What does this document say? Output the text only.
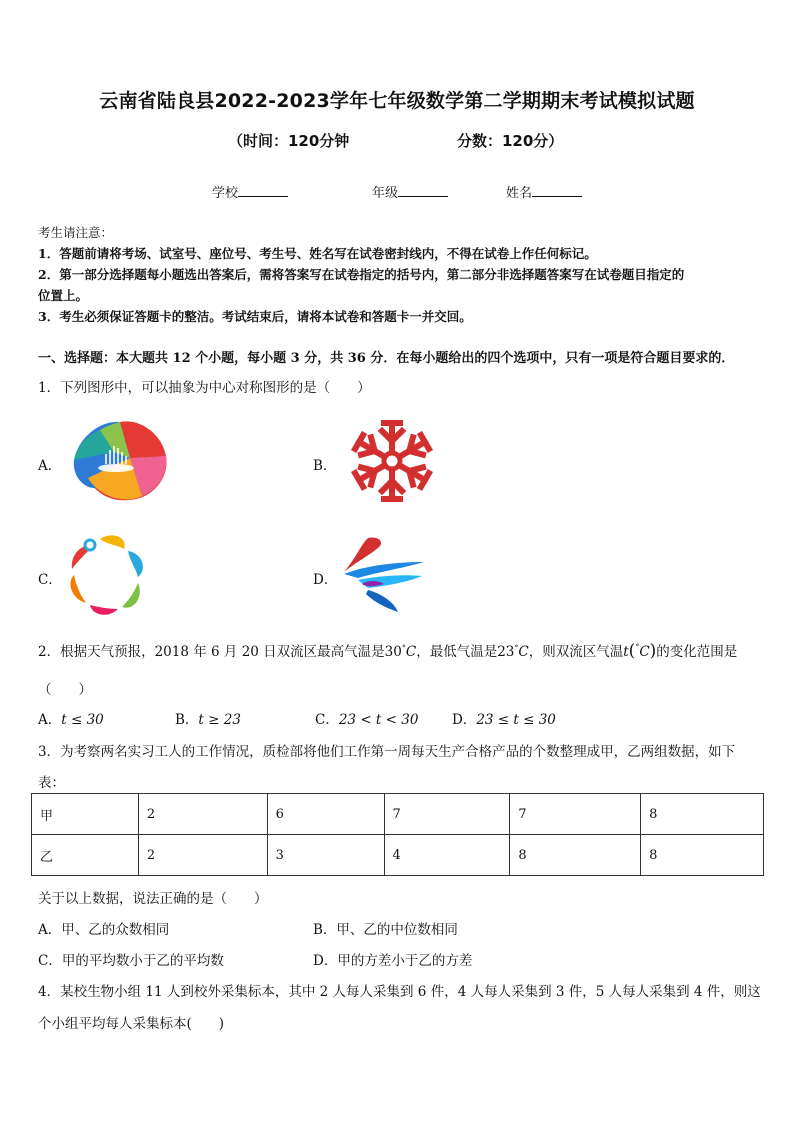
云南省陆良县2022-2023学年七年级数学第二学期期末考试模拟试题
（时间：120分钟	分数：120分）
学校	年级	姓名
考生请注意：
1．答题前请将考场、试室号、座位号、考生号、姓名写在试卷密封线内，不得在试卷上作任何标记。
2．第一部分选择题每小题选出答案后，需将答案写在试卷指定的括号内，第二部分非选择题答案写在试卷题目指定的
位置上。
3．考生必须保证答题卡的整洁。考试结束后，请将本试卷和答题卡一并交回。
一、选择题：本大题共 12 个小题，每小题 3 分，共 36 分．在每小题给出的四个选项中，只有一项是符合题目要求的．
1．下列图形中，可以抽象为中心对称图形的是（　　）
A．	B．
C．	D．
2．根据天气预报，2018 年 6 月 20 日双流区最高气温是30°C，最低气温是23°C，则双流区气温t(°C)的变化范围是
（　　）
A．t ≤ 30	B．t ≥ 23	C．23 < t < 30 D．23 ≤ t ≤ 30
3．为考察两名实习工人的工作情况，质检部将他们工作第一周每天生产合格产品的个数整理成甲，乙两组数据，如下
表：
甲	2	6	7	7	8
乙	2	3	4	8	8
关于以上数据，说法正确的是（　　）
A．甲、乙的众数相同	B．甲、乙的中位数相同
C．甲的平均数小于乙的平均数	D．甲的方差小于乙的方差
4．某校生物小组 11 人到校外采集标本，其中 2 人每人采集到 6 件，4 人每人采集到 3 件，5 人每人采集到 4 件，则这
个小组平均每人采集标本(　　)
